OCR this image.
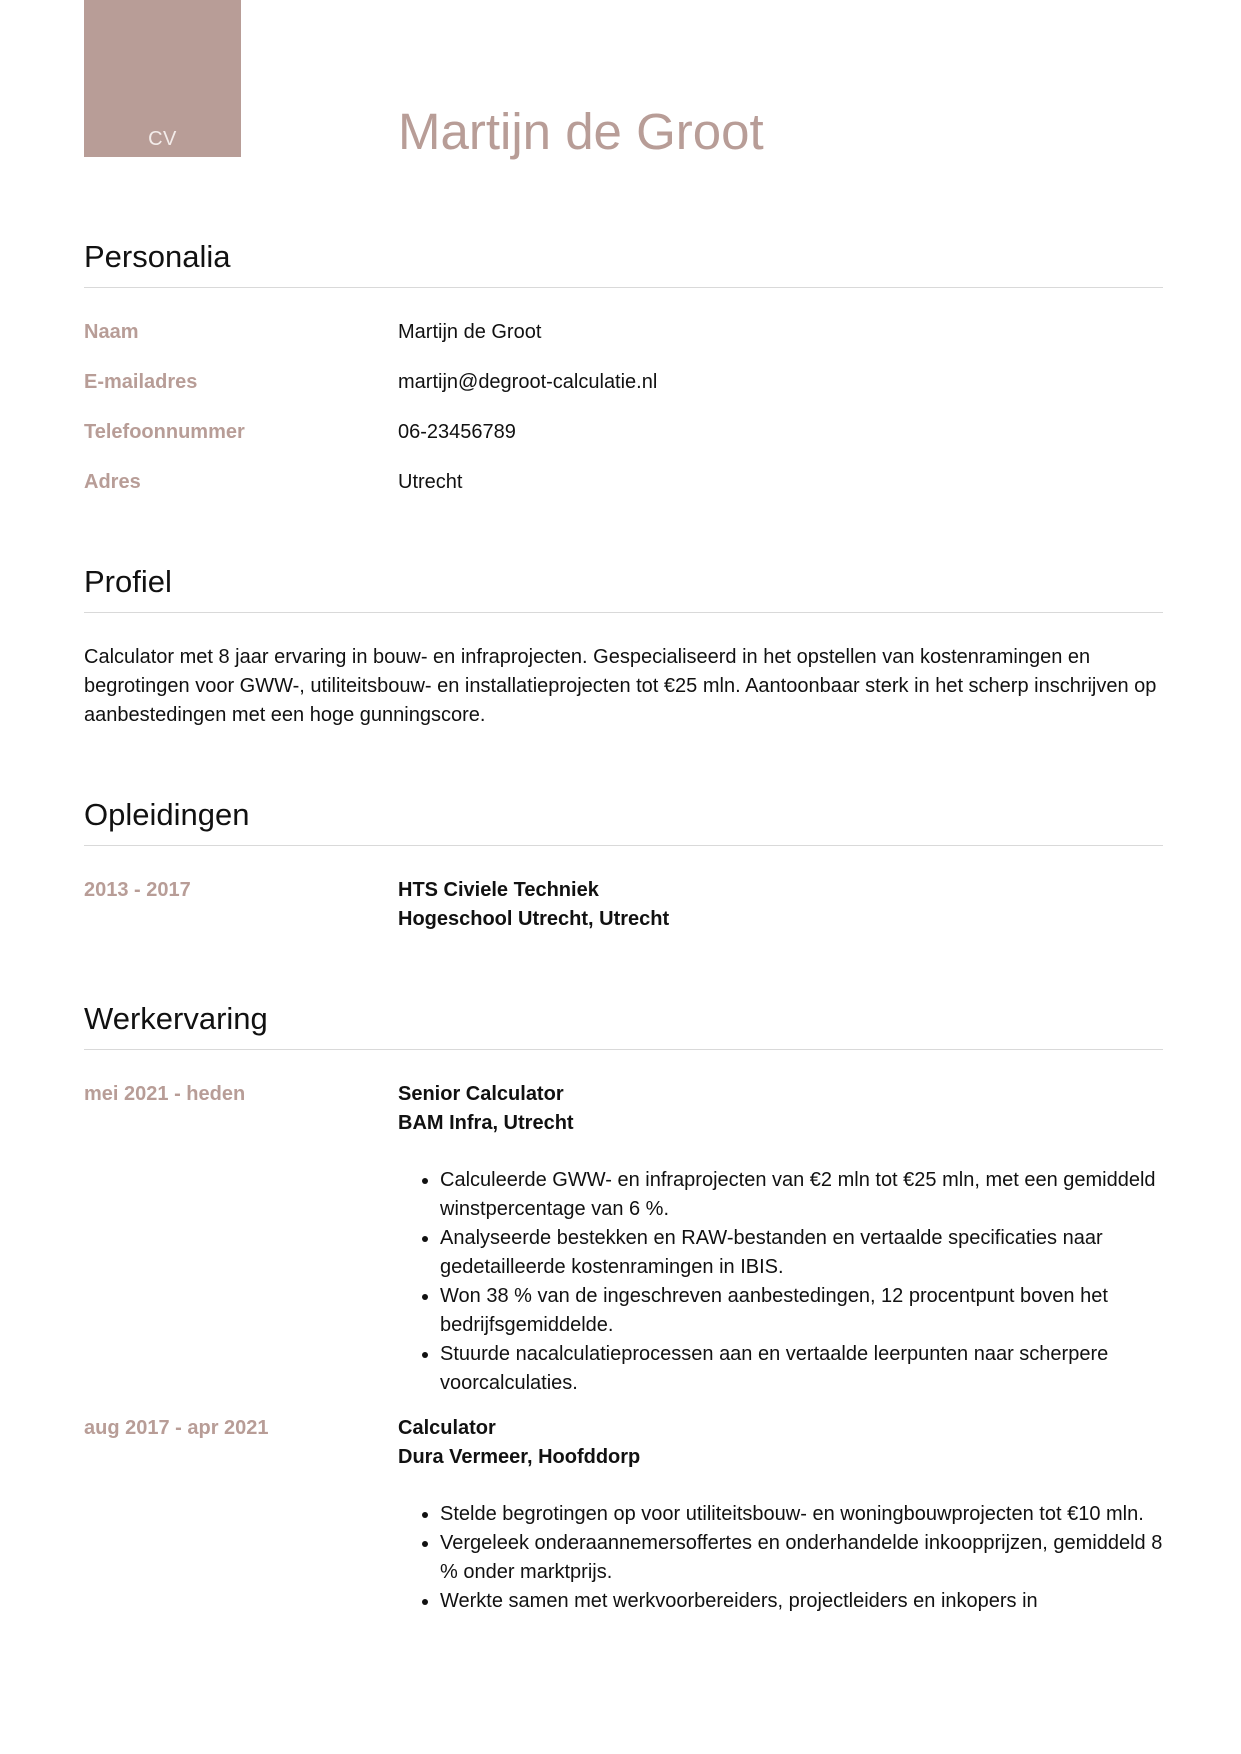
CV	Martijn de Groot
Personalia
Naam	Martijn de Groot
E-mailadres	martijn@degroot-calculatie.nl
Telefoonnummer	06-23456789
Adres	Utrecht
Profiel
Calculator met 8 jaar ervaring in bouw- en infraprojecten. Gespecialiseerd in het opstellen van kostenramingen en begrotingen voor GWW-, utiliteitsbouw- en installatieprojecten tot €25 mln. Aantoonbaar sterk in het scherp inschrijven op aanbestedingen met een hoge gunningscore.
Opleidingen
2013 - 2017	HTS Civiele Techniek
Hogeschool Utrecht, Utrecht
Werkervaring
mei 2021 - heden	Senior Calculator
BAM Infra, Utrecht
• Calculeerde GWW- en infraprojecten van €2 mln tot €25 mln, met een gemiddeld winstpercentage van 6 %.
• Analyseerde bestekken en RAW-bestanden en vertaalde specificaties naar gedetailleerde kostenramingen in IBIS.
• Won 38 % van de ingeschreven aanbestedingen, 12 procentpunt boven het bedrijfsgemiddelde.
• Stuurde nacalculatieprocessen aan en vertaalde leerpunten naar scherpere voorcalculaties.
aug 2017 - apr 2021	Calculator
Dura Vermeer, Hoofddorp
• Stelde begrotingen op voor utiliteitsbouw- en woningbouwprojecten tot €10 mln.
• Vergeleek onderaannemersoffertes en onderhandelde inkoopprijzen, gemiddeld 8 % onder marktprijs.
• Werkte samen met werkvoorbereiders, projectleiders en inkopers in
